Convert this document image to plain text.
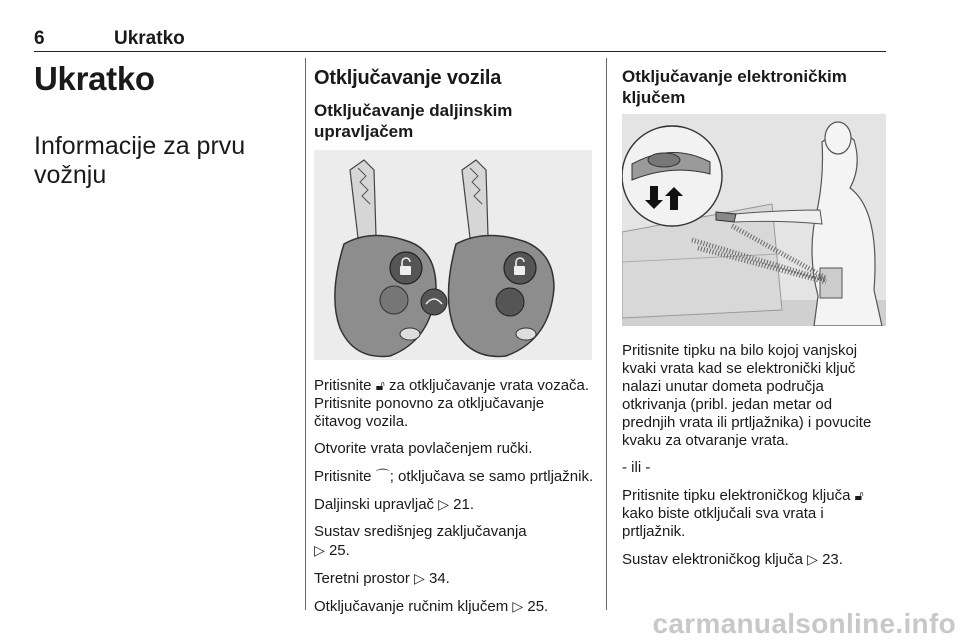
6	Ukratko
Ukratko
Informacije za prvu vožnju
Otključavanje vozila
Otključavanje daljinskim upravljačem

Pritisnite 🔓︎ za otključavanje vrata vozača. Pritisnite ponovno za otključavanje čitavog vozila.

Otvorite vrata povlačenjem ručki.

Pritisnite ⌒; otključava se samo prtljažnik.

Daljinski upravljač ▷ 21.

Sustav središnjeg zaključavanja
▷ 25.

Teretni prostor ▷ 34.

Otključavanje ručnim ključem ▷ 25.

Otključavanje elektroničkim ključem

Pritisnite tipku na bilo kojoj vanjskoj kvaki vrata kad se elektronički ključ nalazi unutar dometa područja otkrivanja (pribl. jedan metar od prednjih vrata ili prtljažnika) i povucite kvaku za otvaranje vrata.

- ili -

Pritisnite tipku elektroničkog ključa 🔓︎ kako biste otključali sva vrata i prtljažnik.

Sustav elektroničkog ključa ▷ 23.

carmanualsonline.info
